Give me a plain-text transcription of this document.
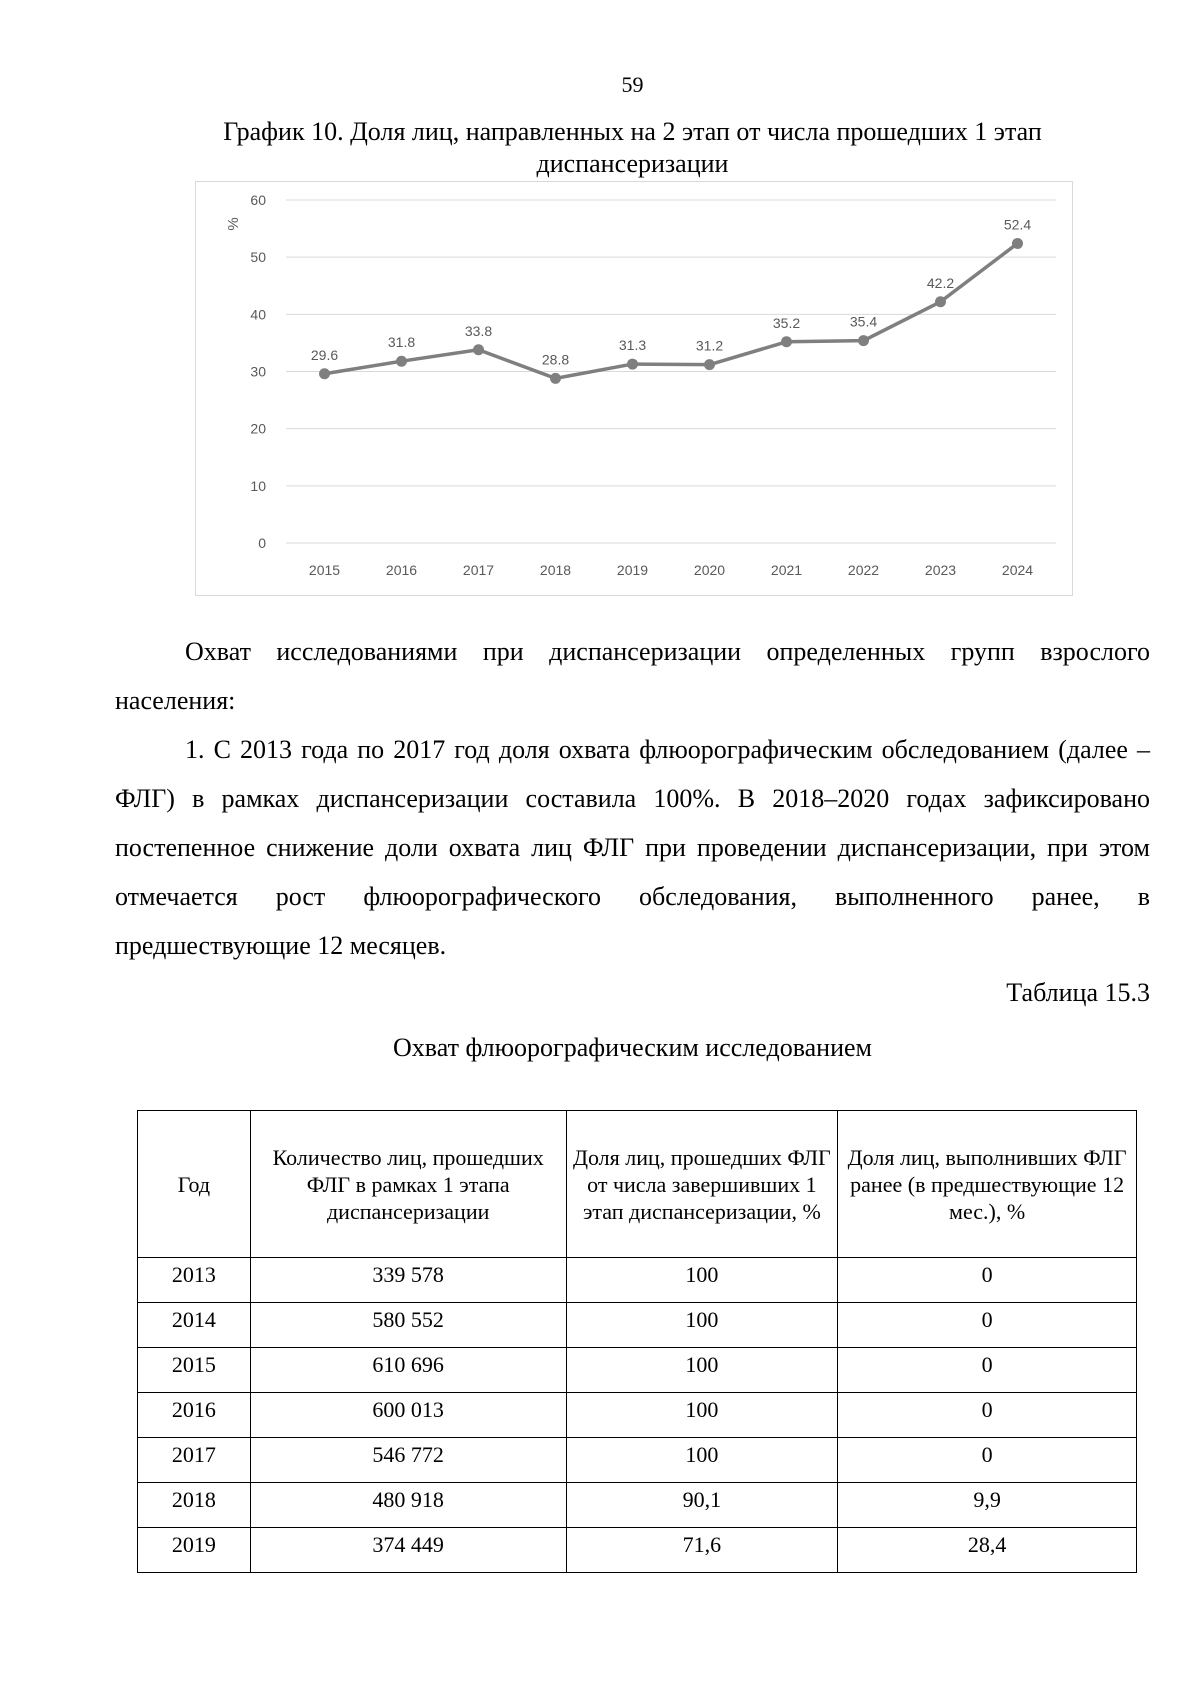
59
График 10. Доля лиц, направленных на 2 этап от числа прошедших 1 этап
диспансеризации
0
10
20
30
40
50
60
%
2015	2016	2017	2018	2019	2020	2021	2022	2023	2024
29.6
31.8
33.8
28.8
31.3	31.2
35.2	35.4
42.2
52.4
Охват исследованиями при диспансеризации определенных групп взрослого населения:
1. С 2013 года по 2017 год доля охвата флюорографическим обследованием (далее – ФЛГ) в рамках диспансеризации составила 100%. В 2018–2020 годах зафиксировано постепенное снижение доли охвата лиц ФЛГ при проведении диспансеризации, при этом отмечается рост флюорографического обследования, выполненного ранее, в предшествующие 12 месяцев.
Таблица 15.3
Охват флюорографическим исследованием
Год	Количество лиц, прошедших ФЛГ в рамках 1 этапа диспансеризации	Доля лиц, прошедших ФЛГ от числа завершивших 1 этап диспансеризации, %	Доля лиц, выполнивших ФЛГ ранее (в предшествующие 12 мес.), %
2013	339 578	100	0
2014	580 552	100	0
2015	610 696	100	0
2016	600 013	100	0
2017	546 772	100	0
2018	480 918	90,1	9,9
2019	374 449	71,6	28,4
